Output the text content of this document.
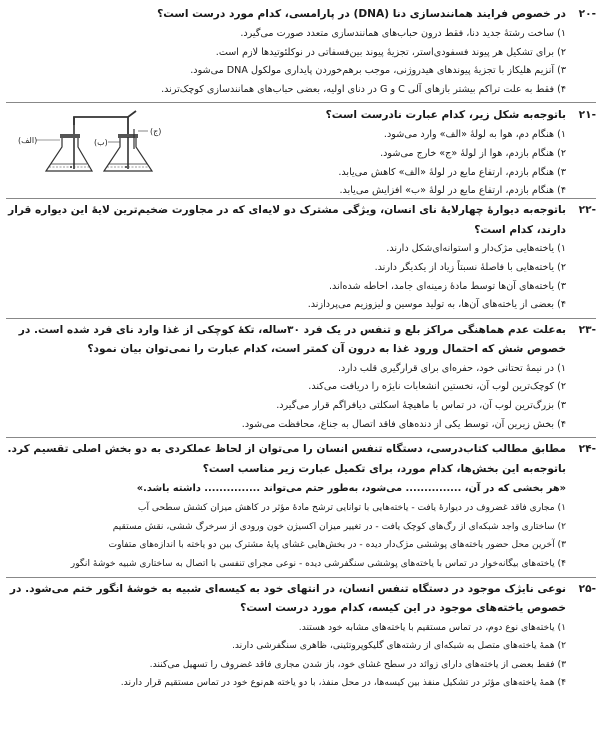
-۲۰
در خصوص فرایند همانندسازی دنا (DNA) در پارامسی، کدام مورد درست است؟
۱) ساخت رشتهٔ جدید دنا، فقط درون حباب‌های همانندسازی متعدد صورت می‌گیرد.
۲) برای تشکیل هر پیوند فسفودی‌استر، تجزیهٔ پیوند بین‌فسفاتی در نوکلئوتیدها لازم است.
۳) آنزیم هلیکاز با تجزیهٔ پیوندهای هیدروژنی، موجب برهم‌خوردن پایداری مولکول DNA می‌شود.
۴) فقط به علت تراکم بیشتر بازهای آلی C و G در دنای اولیه، بعضی حباب‌های همانندسازی کوچک‌ترند.
-۲۱
باتوجه‌به شکل زیر، کدام عبارت نادرست است؟
۱) هنگام دم، هوا به لولهٔ «الف» وارد می‌شود.
۲) هنگام بازدم، هوا از لولهٔ «ج» خارج می‌شود.
۳) هنگام بازدم، ارتفاع مایع در لولهٔ «الف» کاهش می‌یابد.
۴) هنگام بازدم، ارتفاع مایع در لولهٔ «ب» افزایش می‌یابد.
(الف)	(ب)
(ج)
-۲۲
باتوجه‌به دیوارهٔ چهارلایهٔ نای انسان، ویژگی مشترک دو لایه‌ای که در مجاورت ضخیم‌ترین لایهٔ این دیواره قرار دارند، کدام است؟
۱) یاخته‌هایی مژک‌دار و استوانه‌ای‌شکل دارند.
۲) یاخته‌هایی با فاصلهٔ نسبتاً زیاد از یکدیگر دارند.
۳) یاخته‌های آن‌ها توسط مادهٔ زمینه‌ای جامد، احاطه شده‌اند.
۴) بعضی از یاخته‌های آن‌ها، به تولید موسین و لیزوزیم می‌پردازند.
-۲۳
به‌علت عدم هماهنگی مراکز بلع و تنفس در یک فرد ۳۰ساله، تکهٔ کوچکی از غذا وارد نای فرد شده است. در خصوص شش که احتمال ورود غذا به درون آن کمتر است، کدام عبارت را نمی‌توان بیان نمود؟
۱) در نیمهٔ تحتانی خود، حفره‌ای برای قرارگیری قلب دارد.
۲) کوچک‌ترین لوب آن، نخستین انشعابات نایژه را دریافت می‌کند.
۳) بزرگ‌ترین لوب آن، در تماس با ماهیچهٔ اسکلتی دیافراگم قرار می‌گیرد.
۴) بخش زیرین آن، توسط یکی از دنده‌های فاقد اتصال به جناغ، محافظت می‌شود.
-۲۴
مطابق مطالب کتاب‌درسی، دستگاه تنفس انسان را می‌توان از لحاظ عملکردی به دو بخش اصلی تقسیم کرد. باتوجه‌به این بخش‌ها، کدام مورد، برای تکمیل عبارت زیر مناسب است؟
«هر بخشی که در آن، ............... می‌شود، به‌طور حتم می‌تواند ............... داشته باشد.»
۱) مجاری فاقد غضروف در دیوارهٔ یافت - یاخته‌هایی با توانایی ترشح مادهٔ مؤثر در کاهش میزان کشش سطحی آب
۲) ساختاری واجد شبکه‌ای از رگ‌های کوچک یافت - در تغییر میزان اکسیژن خون ورودی از سرخرگ ششی، نقش مستقیم
۳) آخرین محل حضور یاخته‌های پوششی مژک‌دار دیده - در بخش‌هایی غشای پایهٔ مشترک بین دو یاخته با اندازه‌های متفاوت
۴) یاخته‌های بیگانه‌خوار در تماس با یاخته‌های پوششی سنگفرشی دیده - نوعی مجرای تنفسی با اتصال به ساختاری شبیه خوشهٔ انگور
-۲۵
نوعی نایژک موجود در دستگاه تنفس انسان، در انتهای خود به کیسه‌ای شبیه به خوشهٔ انگور ختم می‌شود. در خصوص یاخته‌های موجود در این کیسه، کدام مورد درست است؟
۱) یاخته‌های نوع دوم، در تماس مستقیم با یاخته‌های مشابه خود هستند.
۲) همهٔ یاخته‌های متصل به شبکه‌ای از رشته‌های گلیکوپروتئینی، ظاهری سنگفرشی دارند.
۳) فقط بعضی از یاخته‌های دارای زوائد در سطح غشای خود، باز شدن مجاری فاقد غضروف را تسهیل می‌کنند.
۴) همهٔ یاخته‌های مؤثر در تشکیل منفذ بین کیسه‌ها، در محل منفذ، با دو یاخته هم‌نوع خود در تماس مستقیم قرار دارند.
